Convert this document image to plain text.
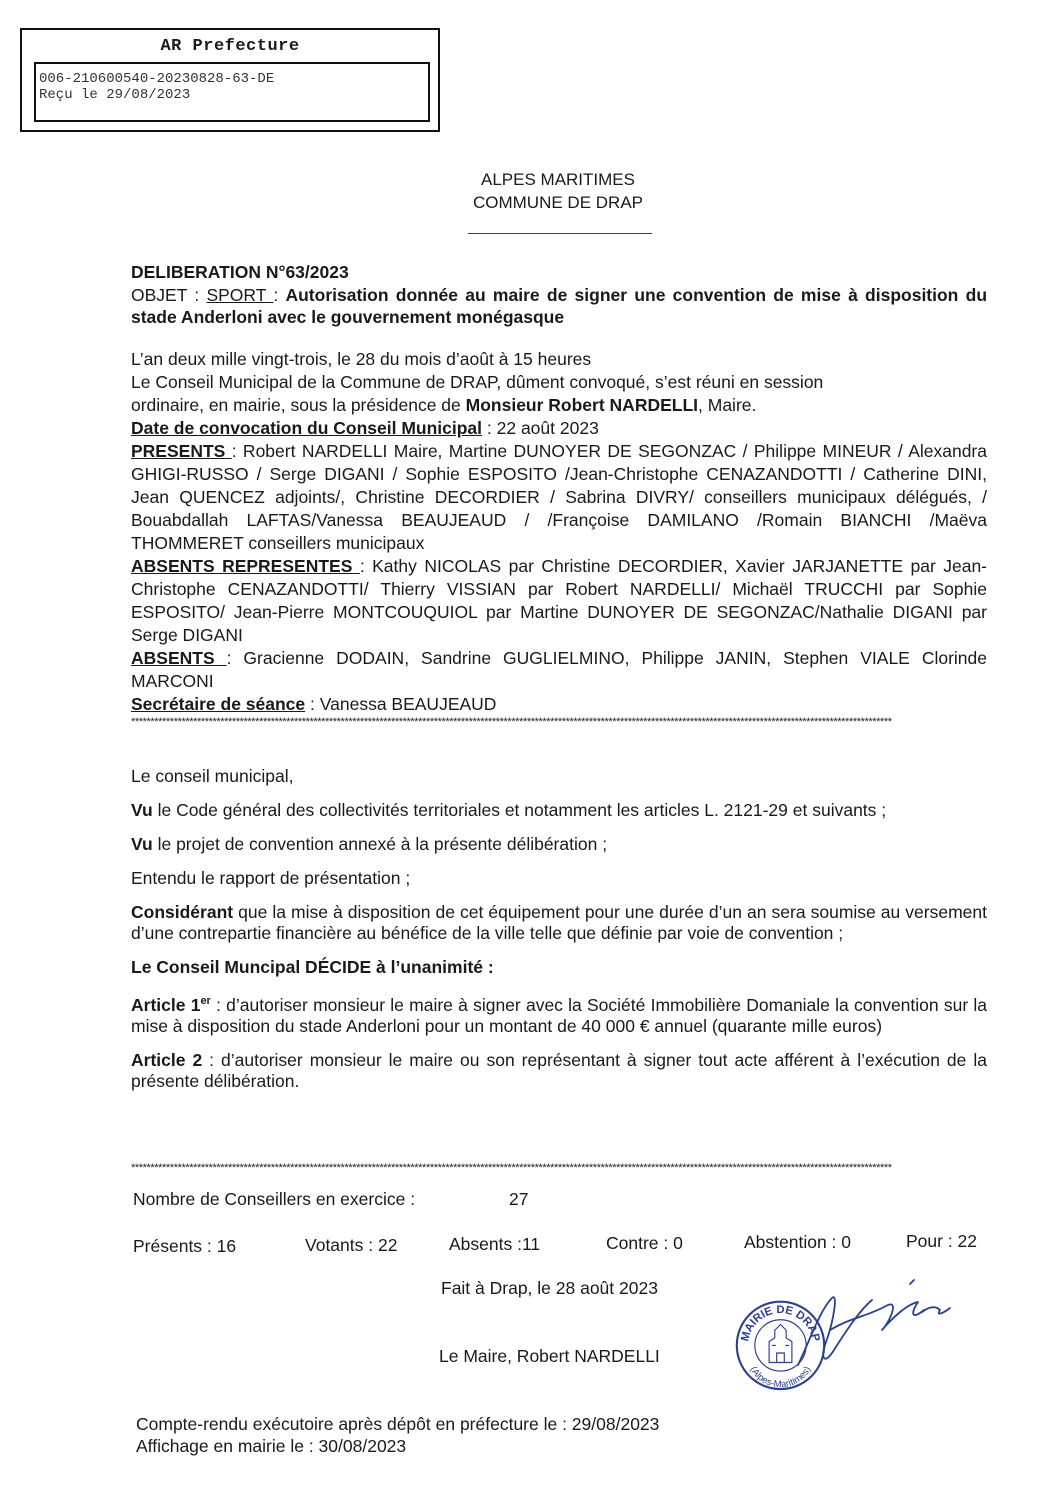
AR Prefecture
006-210600540-20230828-63-DE
Reçu le 29/08/2023
ALPES MARITIMES
COMMUNE DE DRAP
DELIBERATION N°63/2023
OBJET : SPORT : Autorisation donnée au maire de signer une convention de mise à disposition du stade Anderloni avec le gouvernement monégasque
L’an deux mille vingt-trois, le 28 du mois d’août à 15 heures
Le Conseil Municipal de la Commune de DRAP, dûment convoqué, s’est réuni en session
ordinaire, en mairie, sous la présidence de Monsieur Robert NARDELLI, Maire.
Date de convocation du Conseil Municipal : 22 août 2023
PRESENTS : Robert NARDELLI Maire, Martine DUNOYER DE SEGONZAC / Philippe MINEUR / Alexandra GHIGI-RUSSO / Serge DIGANI / Sophie ESPOSITO /Jean-Christophe CENAZANDOTTI / Catherine DINI, Jean QUENCEZ adjoints/, Christine DECORDIER / Sabrina DIVRY/ conseillers municipaux délégués, / Bouabdallah LAFTAS/Vanessa BEAUJEAUD / /Françoise DAMILANO /Romain BIANCHI /Maëva THOMMERET conseillers municipaux
ABSENTS REPRESENTES : Kathy NICOLAS par Christine DECORDIER, Xavier JARJANETTE par Jean-Christophe CENAZANDOTTI/ Thierry VISSIAN par Robert NARDELLI/ Michaël TRUCCHI par Sophie ESPOSITO/ Jean-Pierre MONTCOUQUIOL par Martine DUNOYER DE SEGONZAC/Nathalie DIGANI par Serge DIGANI
ABSENTS : Gracienne DODAIN, Sandrine GUGLIELMINO, Philippe JANIN, Stephen VIALE Clorinde MARCONI
Secrétaire de séance : Vanessa BEAUJEAUD
****************************************************************************************************************************************************************************************************
Le conseil municipal,
Vu le Code général des collectivités territoriales et notamment les articles L. 2121-29 et suivants ;
Vu le projet de convention annexé à la présente délibération ;
Entendu le rapport de présentation ;
Considérant que la mise à disposition de cet équipement pour une durée d’un an sera soumise au versement d’une contrepartie financière au bénéfice de la ville telle que définie par voie de convention ;
Le Conseil Muncipal DÉCIDE à l’unanimité :
Article 1er : d’autoriser monsieur le maire à signer avec la Société Immobilière Domaniale la convention sur la mise à disposition du stade Anderloni pour un montant de 40 000 € annuel (quarante mille euros)
Article 2 : d’autoriser monsieur le maire ou son représentant à signer tout acte afférent à l’exécution de la présente délibération.
****************************************************************************************************************************************************************************************************
Nombre de Conseillers en exercice :	27
Présents : 16	Votants : 22	Absents :11	Contre : 0	Abstention : 0	Pour : 22
Fait à Drap, le 28 août 2023
Le Maire, Robert NARDELLI
MAIRIE DE DRAP
(Alpes-Maritimes)
Compte-rendu exécutoire après dépôt en préfecture le : 29/08/2023
Affichage en mairie le : 30/08/2023
